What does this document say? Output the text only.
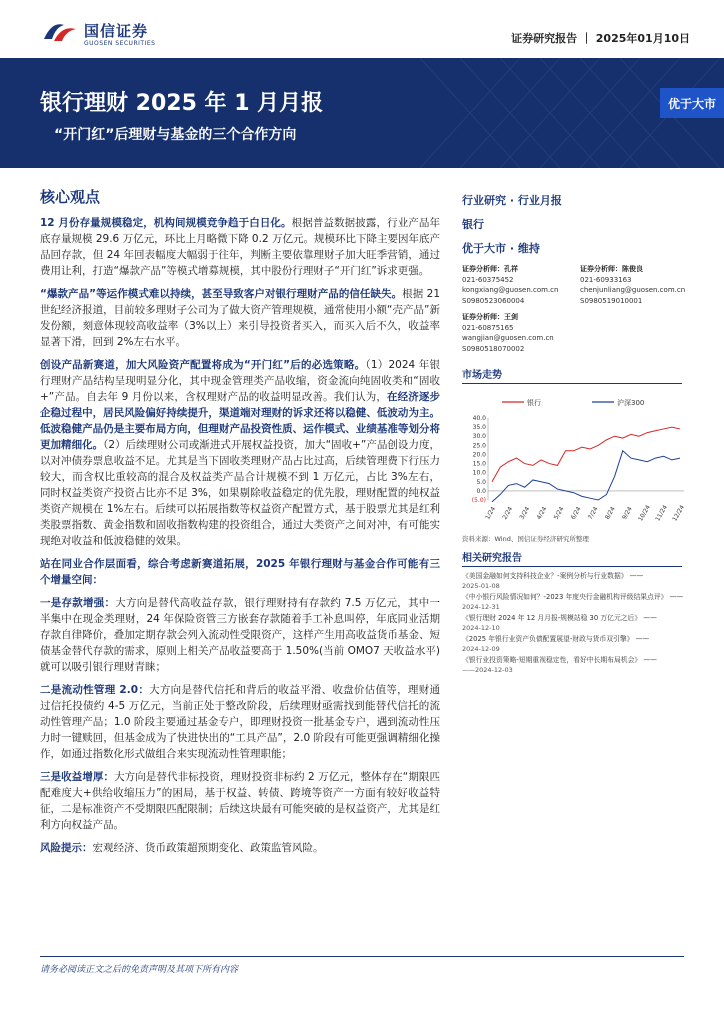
国信证券
GUOSEN SECURITIES	证券研究报告 ｜ 2025年01月10日
银行理财 2025 年 1 月月报
“开门红”后理财与基金的三个合作方向
优于大市
核心观点

12 月份存量规模稳定，机构间规模竞争趋于白日化。根据普益数据披露，行业产品年底存量规模 29.6 万亿元，环比上月略微下降 0.2 万亿元。规模环比下降主要因年底产品回存款，但 24 年回表幅度大幅弱于往年，判断主要依靠理财子加大旺季营销，通过费用让利，打造“爆款产品”等模式增募规模，其中股份行理财子“开门红”诉求更强。

“爆款产品”等运作模式难以持续，甚至导致客户对银行理财产品的信任缺失。根据 21 世纪经济报道，目前较多理财子公司为了做大资产管理规模，通常使用小额“壳产品”新发份额，刻意体现较高收益率（3%以上）来引导投资者买入，而买入后不久，收益率显著下滑，回到 2%左右水平。

创设产品新赛道，加大风险资产配置将成为“开门红”后的必选策略。（1）2024 年银行理财产品结构呈现明显分化，其中现金管理类产品收缩，资金流向纯固收类和“固收+”产品。自去年 9 月份以来，含权理财产品的收益明显改善。我们认为，在经济逐步企稳过程中，居民风险偏好持续提升，渠道端对理财的诉求还将以稳健、低波动为主。低波稳健产品仍是主要布局方向，但理财产品投资性质、运作模式、业绩基准等划分将更加精细化。（2）后续理财公司或渐进式开展权益投资，加大“固收+”产品创设力度，以对冲债券票息收益不足。尤其是当下固收类理财产品占比过高，后续管理费下行压力较大，而含权比重较高的混合及权益类产品合计规模不到 1 万亿元，占比 3%左右，同时权益类资产投资占比亦不足 3%，如果剔除收益稳定的优先股，理财配置的纯权益类资产规模在 1%左右。后续可以拓展指数等权益资产配置方式，基于股票尤其是红利类股票指数、黄金指数和固收指数构建的投资组合，通过大类资产之间对冲，有可能实现绝对收益和低波稳健的效果。

站在同业合作层面看，综合考虑新赛道拓展，2025 年银行理财与基金合作可能有三个增量空间：

一是存款增强：大方向是替代高收益存款，银行理财持有存款约 7.5 万亿元，其中一半集中在现金类理财，24 年保险资管三方嵌套存款随着手工补息叫停，年底同业活期存款自律降价，叠加定期存款会列入流动性受限资产，这样产生用高收益货币基金、短债基金替代存款的需求，原则上相关产品收益要高于 1.50%(当前 OMO7 天收益水平)就可以吸引银行理财青睐；

二是流动性管理 2.0：大方向是替代信托和背后的收益平滑、收盘价估值等，理财通过信托投债约 4-5 万亿元，当前正处于整改阶段，后续理财亟需找到能替代信托的流动性管理产品；1.0 阶段主要通过基金专户，即理财投资一批基金专户，遇到流动性压力时一键赎回，但基金成为了快进快出的“工具产品”，2.0 阶段有可能更强调精细化操作，如通过指数化形式做组合来实现流动性管理职能；

三是收益增厚：大方向是替代非标投资，理财投资非标约 2 万亿元，整体存在“期限匹配难度大+供给收缩压力”的困局，基于权益、转债、跨境等资产一方面有较好收益特征，二是标准资产不受期限匹配限制；后续这块最有可能突破的是权益资产，尤其是红利方向权益产品。

风险提示：宏观经济、货币政策超预期变化、政策监管风险。

行业研究 · 行业月报
银行
优于大市 · 维持
证券分析师：孔祥
021-60375452
kongxiang@guosen.com.cn
S0980523060004
证券分析师：陈俊良
021-60933163
chenjunliang@guosen.com.cn
S0980519010001
证券分析师：王剑
021-60875165
wangjian@guosen.com.cn
S0980518070002
市场走势
银行	沪深300
(5.0)
0.0
5.0
10.0
15.0
20.0
25.0
30.0
35.0
40.0
1/24 2/24 3/24 4/24 5/24 6/24 7/24 8/24 9/24 10/24 11/24 12/24
资料来源：Wind、国信证券经济研究所整理
相关研究报告
《美国金融如何支持科技企业？-案例分析与行业数据》 ——
2025-01-08
《中小银行风险情况如何？-2023 年度央行金融机构评级结果点评》 ——
2024-12-31
《银行理财 2024 年 12 月月报-规模站稳 30 万亿元之后》 ——
2024-12-10
《2025 年银行业资产负债配置展望-财政与货币双引擎》 ——
2024-12-09
《银行业投资策略-短期重视稳定性，看好中长期布局机会》 ——
——2024-12-03
请务必阅读正文之后的免责声明及其项下所有内容
